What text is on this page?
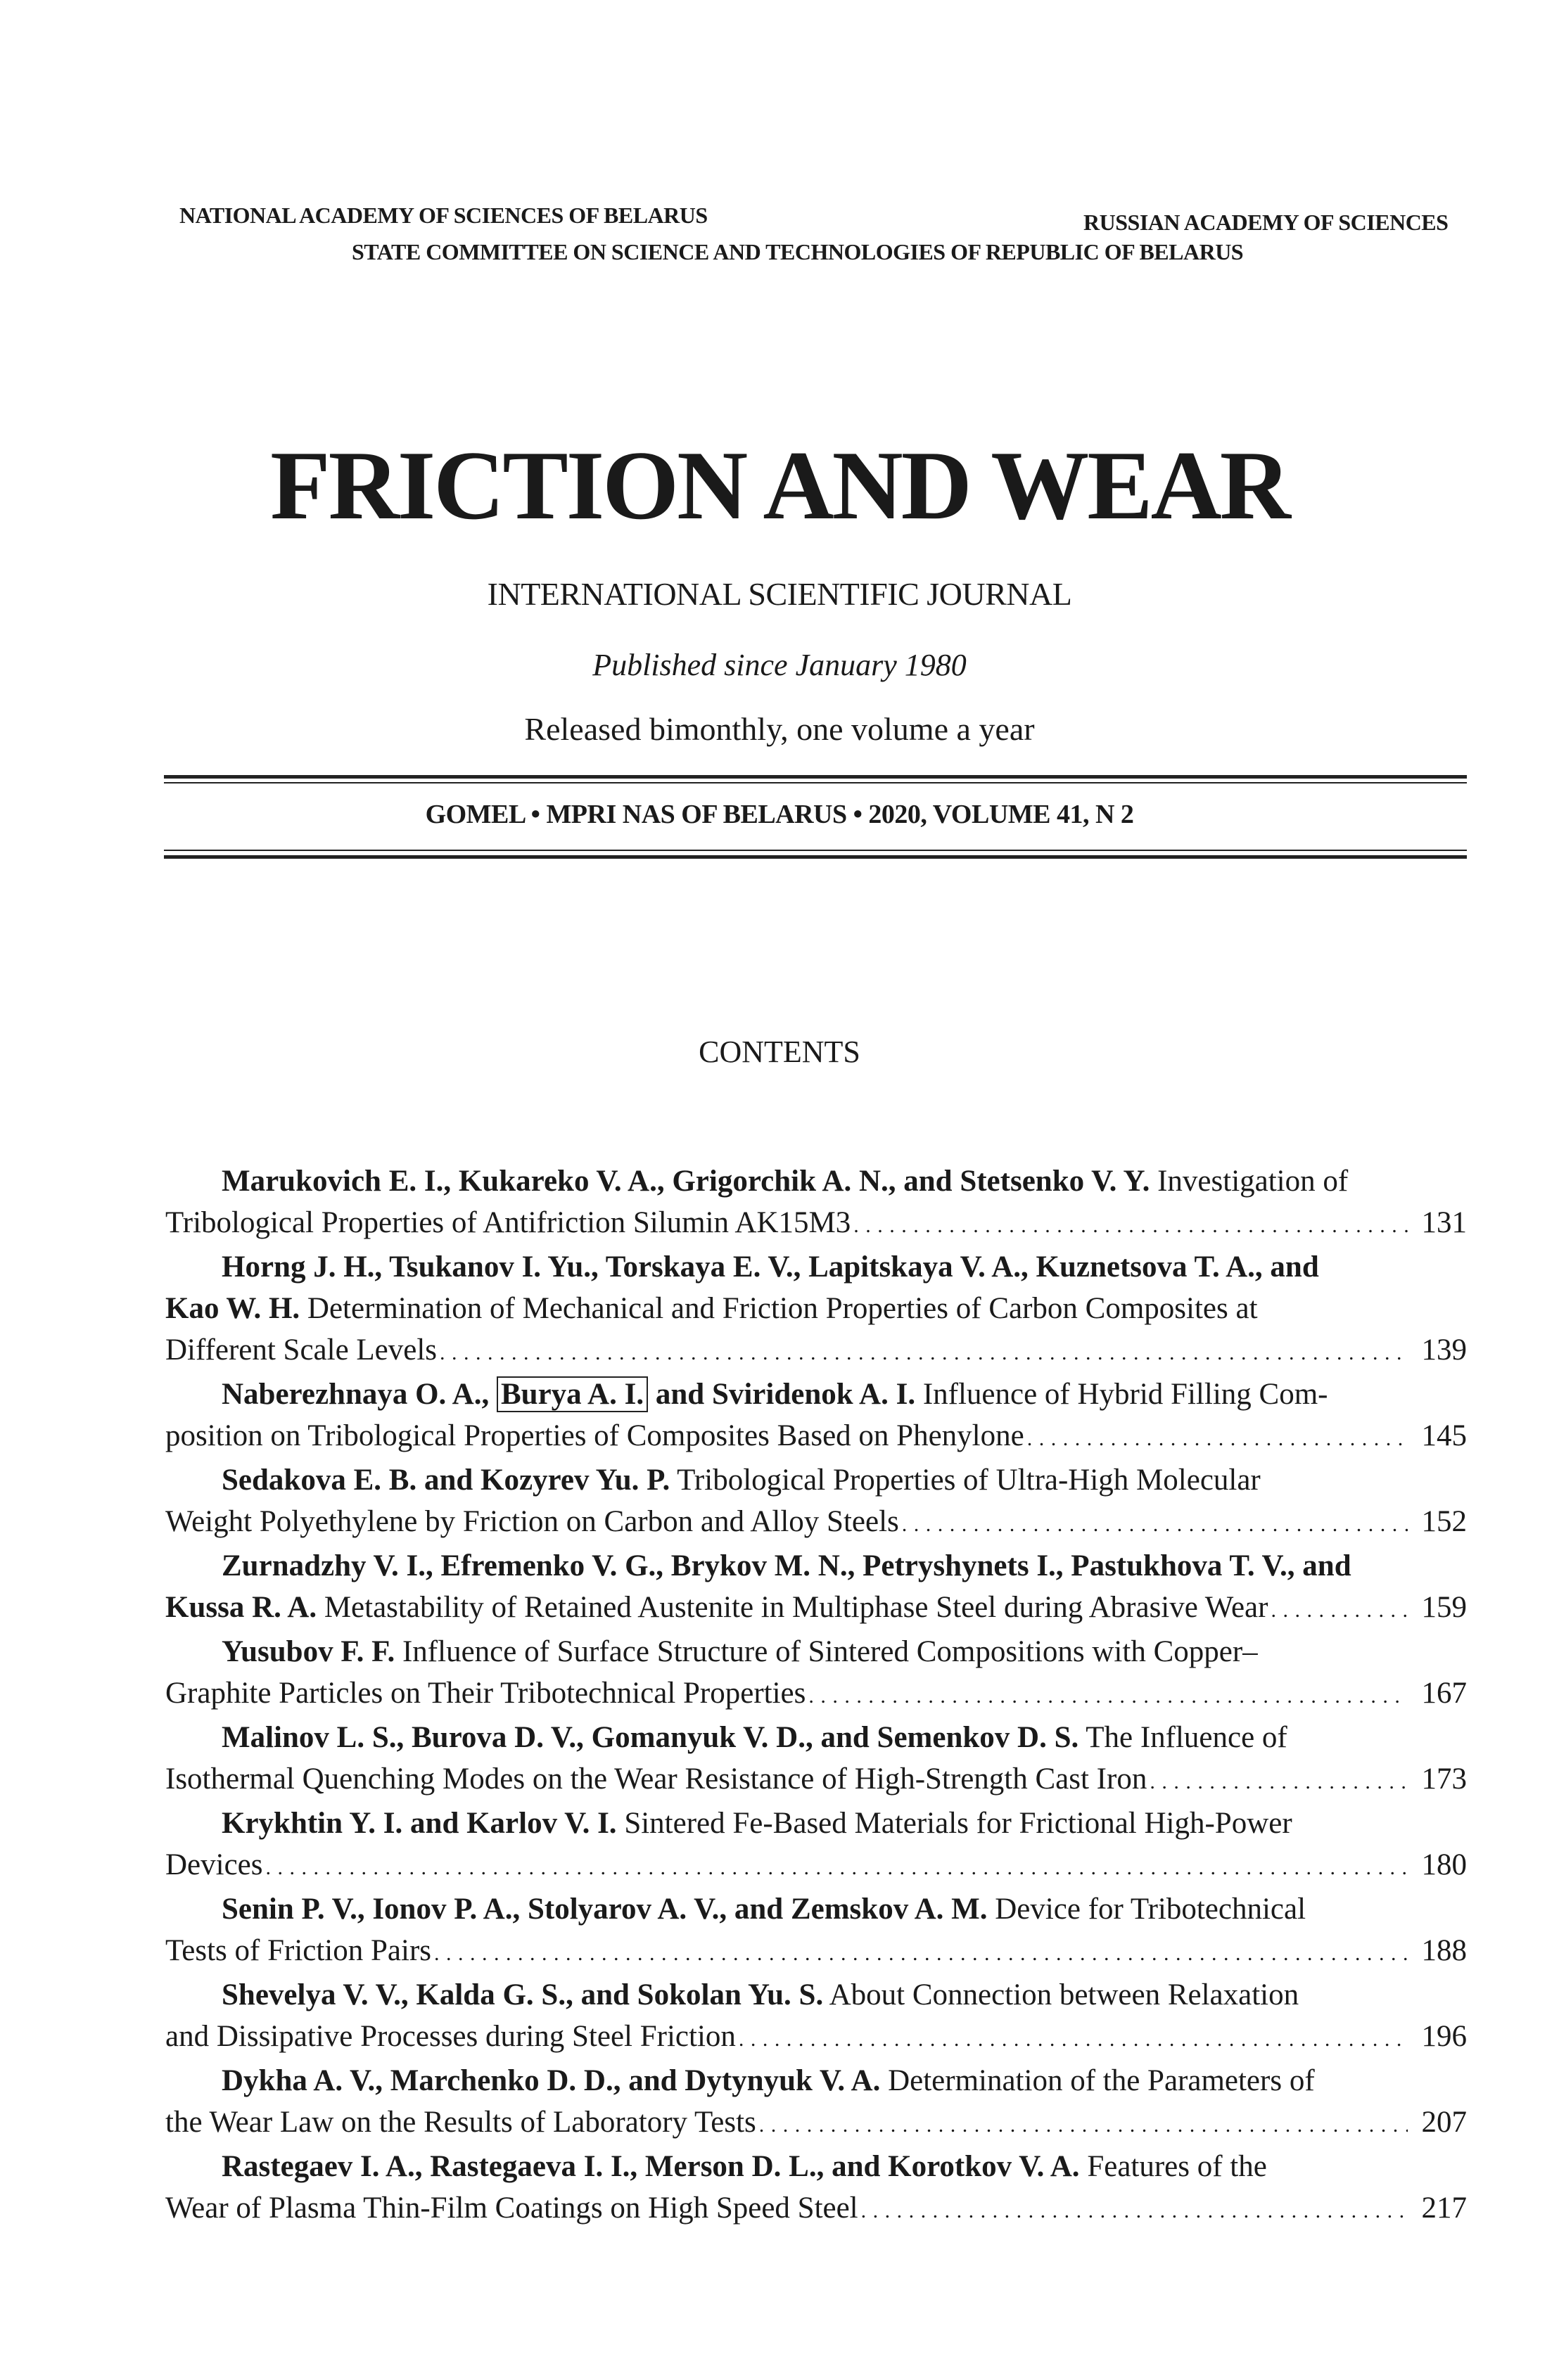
NATIONAL ACADEMY OF SCIENCES OF BELARUS	RUSSIAN ACADEMY OF SCIENCES
STATE COMMITTEE ON SCIENCE AND TECHNOLOGIES OF REPUBLIC OF BELARUS
FRICTION AND WEAR
INTERNATIONAL SCIENTIFIC JOURNAL
Published since January 1980
Released bimonthly, one volume a year
GOMEL • MPRI NAS OF BELARUS • 2020, VOLUME 41, N 2
CONTENTS
Marukovich E. I., Kukareko V. A., Grigorchik A. N., and Stetsenko V. Y. Investigation of
Tribological Properties of Antifriction Silumin AK15M3 . . .	131
Horng J. H., Tsukanov I. Yu., Torskaya E. V., Lapitskaya V. A., Kuznetsova T. A., and
Kao W. H. Determination of Mechanical and Friction Properties of Carbon Composites at
Different Scale Levels . . .	139
Naberezhnaya O. A., Burya A. I. and Sviridenok A. I. Influence of Hybrid Filling Com-
position on Tribological Properties of Composites Based on Phenylone . . .	145
Sedakova E. B. and Kozyrev Yu. P. Tribological Properties of Ultra-High Molecular
Weight Polyethylene by Friction on Carbon and Alloy Steels . . .	152
Zurnadzhy V. I., Efremenko V. G., Brykov M. N., Petryshynets I., Pastukhova T. V., and
Kussa R. A. Metastability of Retained Austenite in Multiphase Steel during Abrasive Wear . . .	159
Yusubov F. F. Influence of Surface Structure of Sintered Compositions with Copper–
Graphite Particles on Their Tribotechnical Properties . . .	167
Malinov L. S., Burova D. V., Gomanyuk V. D., and Semenkov D. S. The Influence of
Isothermal Quenching Modes on the Wear Resistance of High-Strength Cast Iron . . .	173
Krykhtin Y. I. and Karlov V. I. Sintered Fe-Based Materials for Frictional High-Power
Devices . . .	180
Senin P. V., Ionov P. A., Stolyarov A. V., and Zemskov A. M. Device for Tribotechnical
Tests of Friction Pairs . . .	188
Shevelya V. V., Kalda G. S., and Sokolan Yu. S. About Connection between Relaxation
and Dissipative Processes during Steel Friction . . .	196
Dykha A. V., Marchenko D. D., and Dytynyuk V. A. Determination of the Parameters of
the Wear Law on the Results of Laboratory Tests . . .	207
Rastegaev I. A., Rastegaeva I. I., Merson D. L., and Korotkov V. A. Features of the
Wear of Plasma Thin-Film Coatings on High Speed Steel . . .	217
